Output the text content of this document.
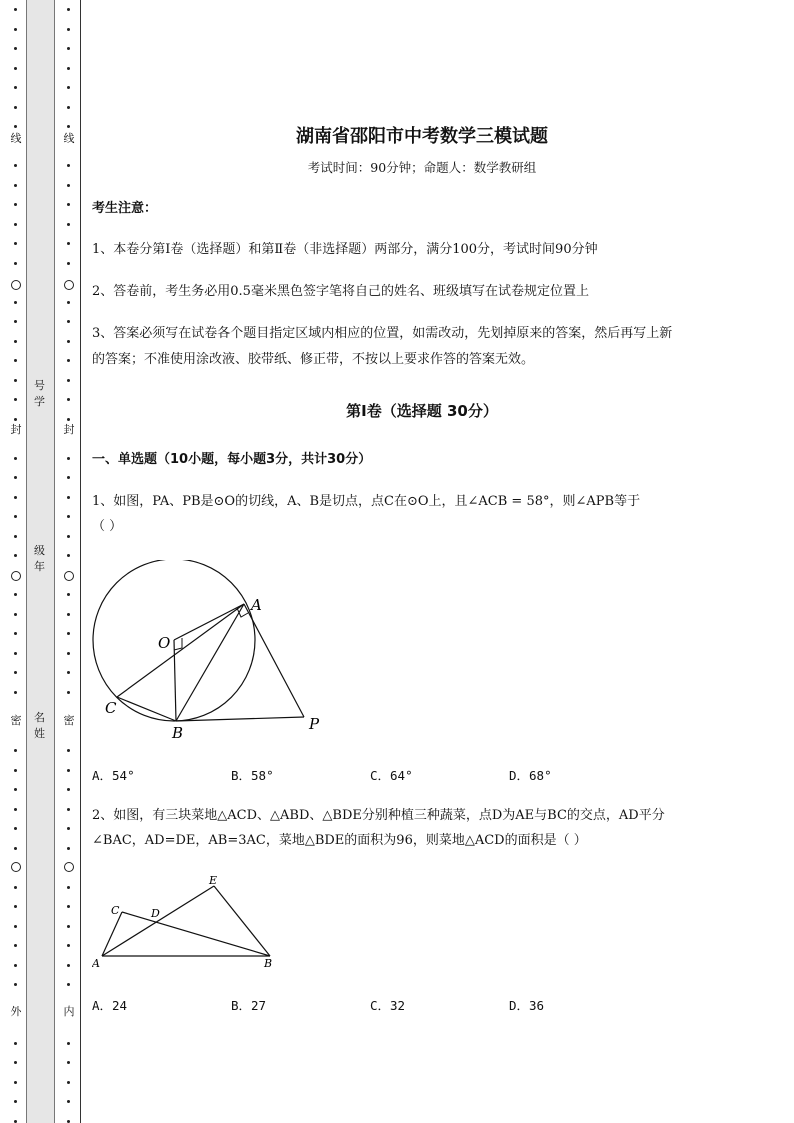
线
封
密
外
线
封
密
内
号
学
级
年
名
姓
湖南省邵阳市中考数学三模试题
考试时间：90分钟；命题人：数学教研组
考生注意：
1、本卷分第I卷（选择题）和第Ⅱ卷（非选择题）两部分，满分100分，考试时间90分钟
2、答卷前，考生务必用0.5毫米黑色签字笔将自己的姓名、班级填写在试卷规定位置上
3、答案必须写在试卷各个题目指定区域内相应的位置，如需改动，先划掉原来的答案，然后再写上新
的答案；不准使用涂改液、胶带纸、修正带，不按以上要求作答的答案无效。
第I卷（选择题 30分）
一、单选题（10小题，每小题3分，共计30分）
1、如图，PA、PB是⊙O的切线，A、B是切点，点C在⊙O上，且∠ACB = 58°，则∠APB等于
（ ）
O
A
B
C
P
A．54°	B．58°	C．64°	D．68°
2、如图，有三块菜地△ACD、△ABD、△BDE分别种植三种蔬菜，点D为AE与BC的交点，AD平分
∠BAC，AD=DE，AB=3AC，菜地△BDE的面积为96，则菜地△ACD的面积是（ ）
A	B
C	D
E
A．24	B．27	C．32	D．36
